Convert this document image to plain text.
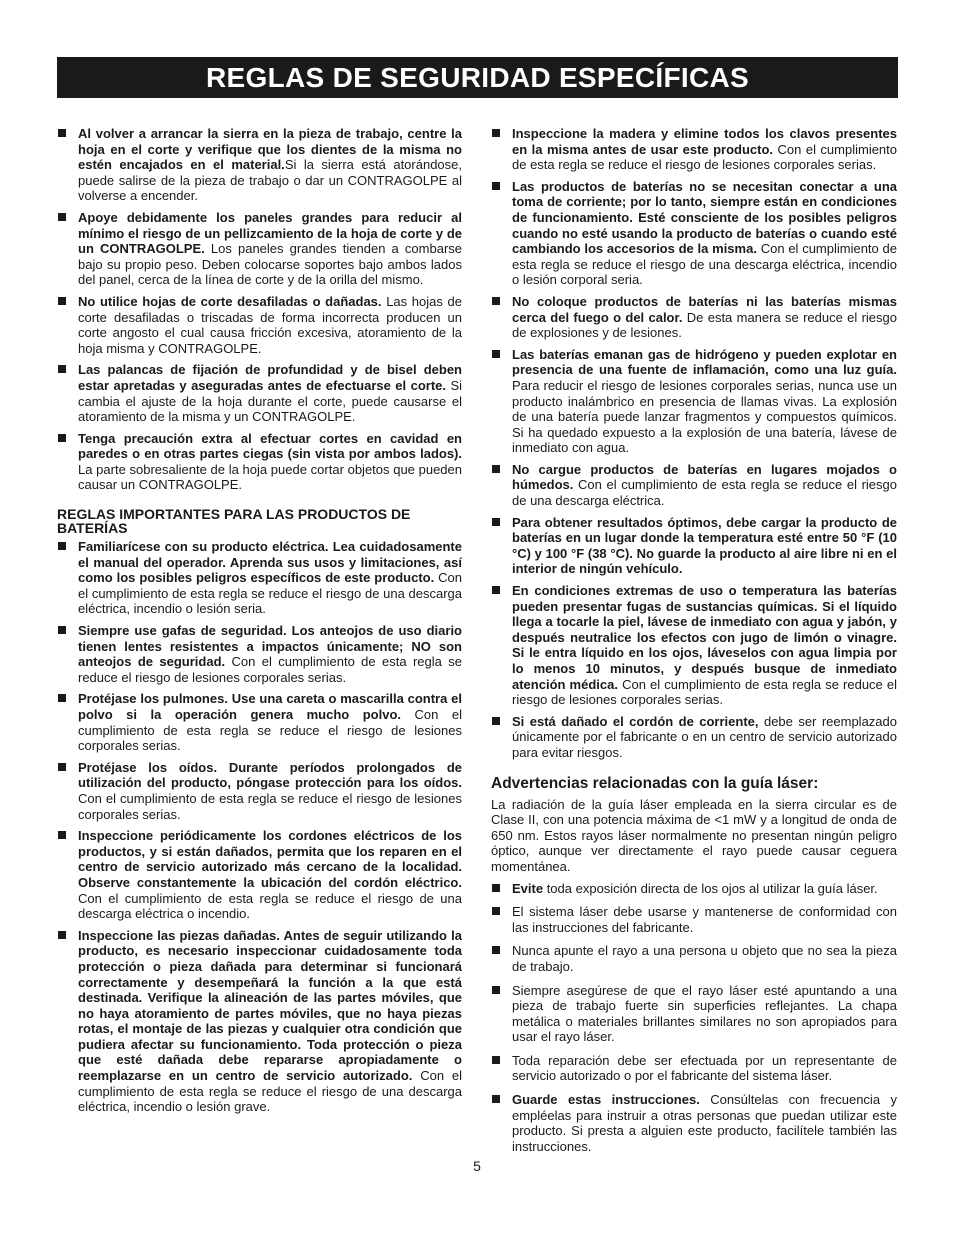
REGLAS DE SEGURIDAD ESPECÍFICAS
Al volver a arrancar la sierra en la pieza de trabajo, centre la hoja en el corte y verifique que los dientes de la misma no estén encajados en el material.Si la sierra está atorándose, puede salirse de la pieza de trabajo o dar un CONTRAGOLPE al volverse a encender.
Apoye debidamente los paneles grandes para reducir al mínimo el riesgo de un pellizcamiento de la hoja de corte y de un CONTRAGOLPE. Los paneles grandes tienden a combarse bajo su propio peso. Deben colocarse soportes bajo ambos lados del panel, cerca de la línea de corte y de la orilla del mismo.
No utilice hojas de corte desafiladas o dañadas. Las hojas de corte desafiladas o triscadas de forma incorrecta producen un corte angosto el cual causa fricción excesiva, atoramiento de la hoja misma y CONTRAGOLPE.
Las palancas de fijación de profundidad y de bisel deben estar apretadas y aseguradas antes de efectuarse el corte. Si cambia el ajuste de la hoja durante el corte, puede causarse el atoramiento de la misma y un CONTRAGOLPE.
Tenga precaución extra al efectuar cortes en cavidad en paredes o en otras partes ciegas (sin vista por ambos lados). La parte sobresaliente de la hoja puede cortar objetos que pueden causar un CONTRAGOLPE.
REGLAS IMPORTANTES PARA LAS PRODUCTOS DE BATERÍAS
Familiarícese con su producto eléctrica. Lea cuidadosamente el manual del operador. Aprenda sus usos y limitaciones, así como los posibles peligros específicos de este producto. Con el cumplimiento de esta regla se reduce el riesgo de una descarga eléctrica, incendio o lesión seria.
Siempre use gafas de seguridad. Los anteojos de uso diario tienen lentes resistentes a impactos únicamente; NO son anteojos de seguridad. Con el cumplimiento de esta regla se reduce el riesgo de lesiones corporales serias.
Protéjase los pulmones. Use una careta o mascarilla contra el polvo si la operación genera mucho polvo. Con el cumplimiento de esta regla se reduce el riesgo de lesiones corporales serias.
Protéjase los oídos. Durante períodos prolongados de utilización del producto, póngase protección para los oídos. Con el cumplimiento de esta regla se reduce el riesgo de lesiones corporales serias.
Inspeccione periódicamente los cordones eléctricos de los productos, y si están dañados, permita que los reparen en el centro de servicio autorizado más cercano de la localidad. Observe constantemente la ubicación del cordón eléctrico. Con el cumplimiento de esta regla se reduce el riesgo de una descarga eléctrica o incendio.
Inspeccione las piezas dañadas. Antes de seguir utilizando la producto, es necesario inspeccionar cuidadosamente toda protección o pieza dañada para determinar si funcionará correctamente y desempeñará la función a la que está destinada. Verifique la alineación de las partes móviles, que no haya atoramiento de partes móviles, que no haya piezas rotas, el montaje de las piezas y cualquier otra condición que pudiera afectar su funcionamiento. Toda protección o pieza que esté dañada debe repararse apropiadamente o reemplazarse en un centro de servicio autorizado. Con el cumplimiento de esta regla se reduce el riesgo de una descarga eléctrica, incendio o lesión grave.
Inspeccione la madera y elimine todos los clavos presentes en la misma antes de usar este producto. Con el cumplimiento de esta regla se reduce el riesgo de lesiones corporales serias.
Las productos de baterías no se necesitan conectar a una toma de corriente; por lo tanto, siempre están en condiciones de funcionamiento. Esté consciente de los posibles peligros cuando no esté usando la producto de baterías o cuando esté cambiando los accesorios de la misma. Con el cumplimiento de esta regla se reduce el riesgo de una descarga eléctrica, incendio o lesión corporal seria.
No coloque productos de baterías ni las baterías mismas cerca del fuego o del calor. De esta manera se reduce el riesgo de explosiones y de lesiones.
Las baterías emanan gas de hidrógeno y pueden explotar en presencia de una fuente de inflamación, como una luz guía. Para reducir el riesgo de lesiones corporales serias, nunca use un producto inalámbrico en presencia de llamas vivas. La explosión de una batería puede lanzar fragmentos y compuestos químicos. Si ha quedado expuesto a la explosión de una batería, lávese de inmediato con agua.
No cargue productos de baterías en lugares mojados o húmedos. Con el cumplimiento de esta regla se reduce el riesgo de una descarga eléctrica.
Para obtener resultados óptimos, debe cargar la producto de baterías en un lugar donde la temperatura esté entre 50 °F (10 °C) y 100 °F (38 °C). No guarde la producto al aire libre ni en el interior de ningún vehículo.
En condiciones extremas de uso o temperatura las baterías pueden presentar fugas de sustancias químicas. Si el líquido llega a tocarle la piel, lávese de inmediato con agua y jabón, y después neutralice los efectos con jugo de limón o vinagre. Si le entra líquido en los ojos, láveselos con agua limpia por lo menos 10 minutos, y después busque de inmediato atención médica. Con el cumplimiento de esta regla se reduce el riesgo de lesiones corporales serias.
Si está dañado el cordón de corriente, debe ser reemplazado únicamente por el fabricante o en un centro de servicio autorizado para evitar riesgos.
Advertencias relacionadas con la guía láser:

La radiación de la guía láser empleada en la sierra circular es de Clase II, con una potencia máxima de <1 mW y a longitud de onda de 650 nm. Estos rayos láser normalmente no presentan ningún peligro óptico, aunque ver directamente el rayo puede causar ceguera momentánea.

Evite toda exposición directa de los ojos al utilizar la guía láser.
El sistema láser debe usarse y mantenerse de conformidad con las instrucciones del fabricante.
Nunca apunte el rayo a una persona u objeto que no sea la pieza de trabajo.
Siempre asegúrese de que el rayo láser esté apuntando a una pieza de trabajo fuerte sin superficies reflejantes. La chapa metálica o materiales brillantes similares no son apropiados para usar el rayo láser.
Toda reparación debe ser efectuada por un representante de servicio autorizado o por el fabricante del sistema láser.
Guarde estas instrucciones. Consúltelas con frecuencia y empléelas para instruir a otras personas que puedan utilizar este producto. Si presta a alguien este producto, facilítele también las instrucciones.
5
